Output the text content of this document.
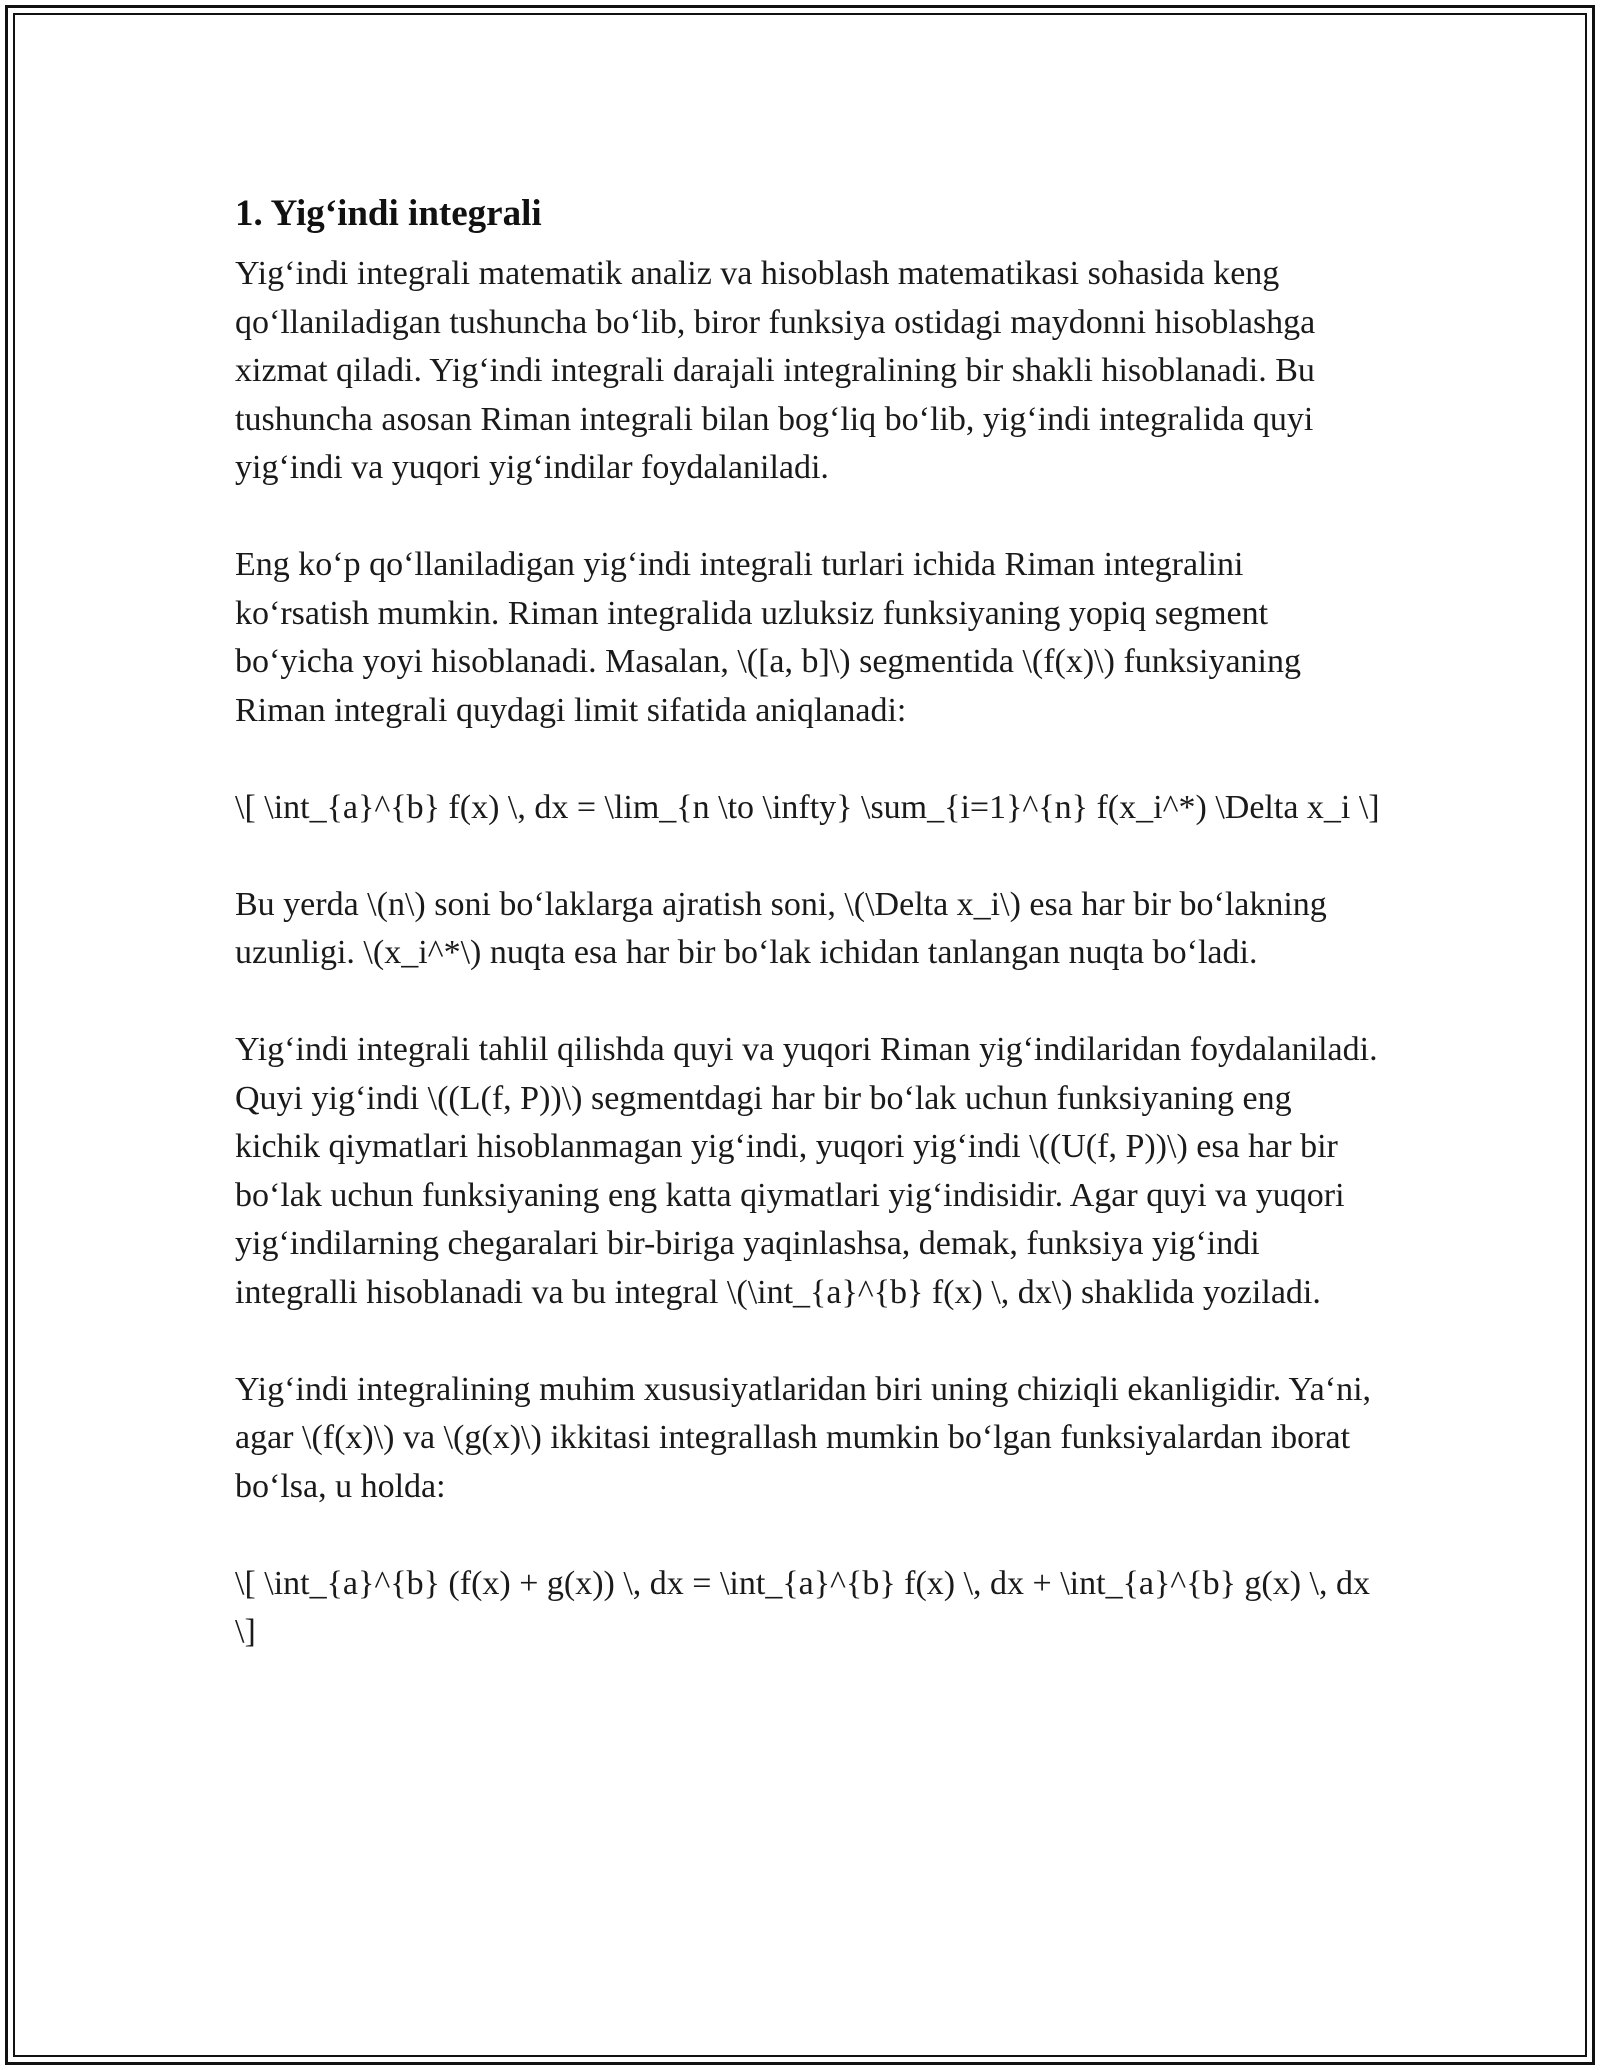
1. Yig‘indi integrali

Yig‘indi integrali matematik analiz va hisoblash matematikasi sohasida keng qo‘llaniladigan tushuncha bo‘lib, biror funksiya ostidagi maydonni hisoblashga xizmat qiladi. Yig‘indi integrali darajali integralining bir shakli hisoblanadi. Bu tushuncha asosan Riman integrali bilan bog‘liq bo‘lib, yig‘indi integralida quyi yig‘indi va yuqori yig‘indilar foydalaniladi.

Eng ko‘p qo‘llaniladigan yig‘indi integrali turlari ichida Riman integralini ko‘rsatish mumkin. Riman integralida uzluksiz funksiyaning yopiq segment bo‘yicha yoyi hisoblanadi. Masalan, \([a, b]\) segmentida \(f(x)\) funksiyaning Riman integrali quydagi limit sifatida aniqlanadi:

\[ \int_{a}^{b} f(x) \, dx = \lim_{n \to \infty} \sum_{i=1}^{n} f(x_i^*) \Delta x_i \]

Bu yerda \(n\) soni bo‘laklarga ajratish soni, \(\Delta x_i\) esa har bir bo‘lakning uzunligi. \(x_i^*\) nuqta esa har bir bo‘lak ichidan tanlangan nuqta bo‘ladi.

Yig‘indi integrali tahlil qilishda quyi va yuqori Riman yig‘indilaridan foydalaniladi. Quyi yig‘indi \((L(f, P))\) segmentdagi har bir bo‘lak uchun funksiyaning eng kichik qiymatlari hisoblanmagan yig‘indi, yuqori yig‘indi \((U(f, P))\) esa har bir bo‘lak uchun funksiyaning eng katta qiymatlari yig‘indisidir. Agar quyi va yuqori yig‘indilarning chegaralari bir-biriga yaqinlashsa, demak, funksiya yig‘indi integralli hisoblanadi va bu integral \(\int_{a}^{b} f(x) \, dx\) shaklida yoziladi.

Yig‘indi integralining muhim xususiyatlaridan biri uning chiziqli ekanligidir. Ya‘ni, agar \(f(x)\) va \(g(x)\) ikkitasi integrallash mumkin bo‘lgan funksiyalardan iborat bo‘lsa, u holda:

\[ \int_{a}^{b} (f(x) + g(x)) \, dx = \int_{a}^{b} f(x) \, dx + \int_{a}^{b} g(x) \, dx \]
